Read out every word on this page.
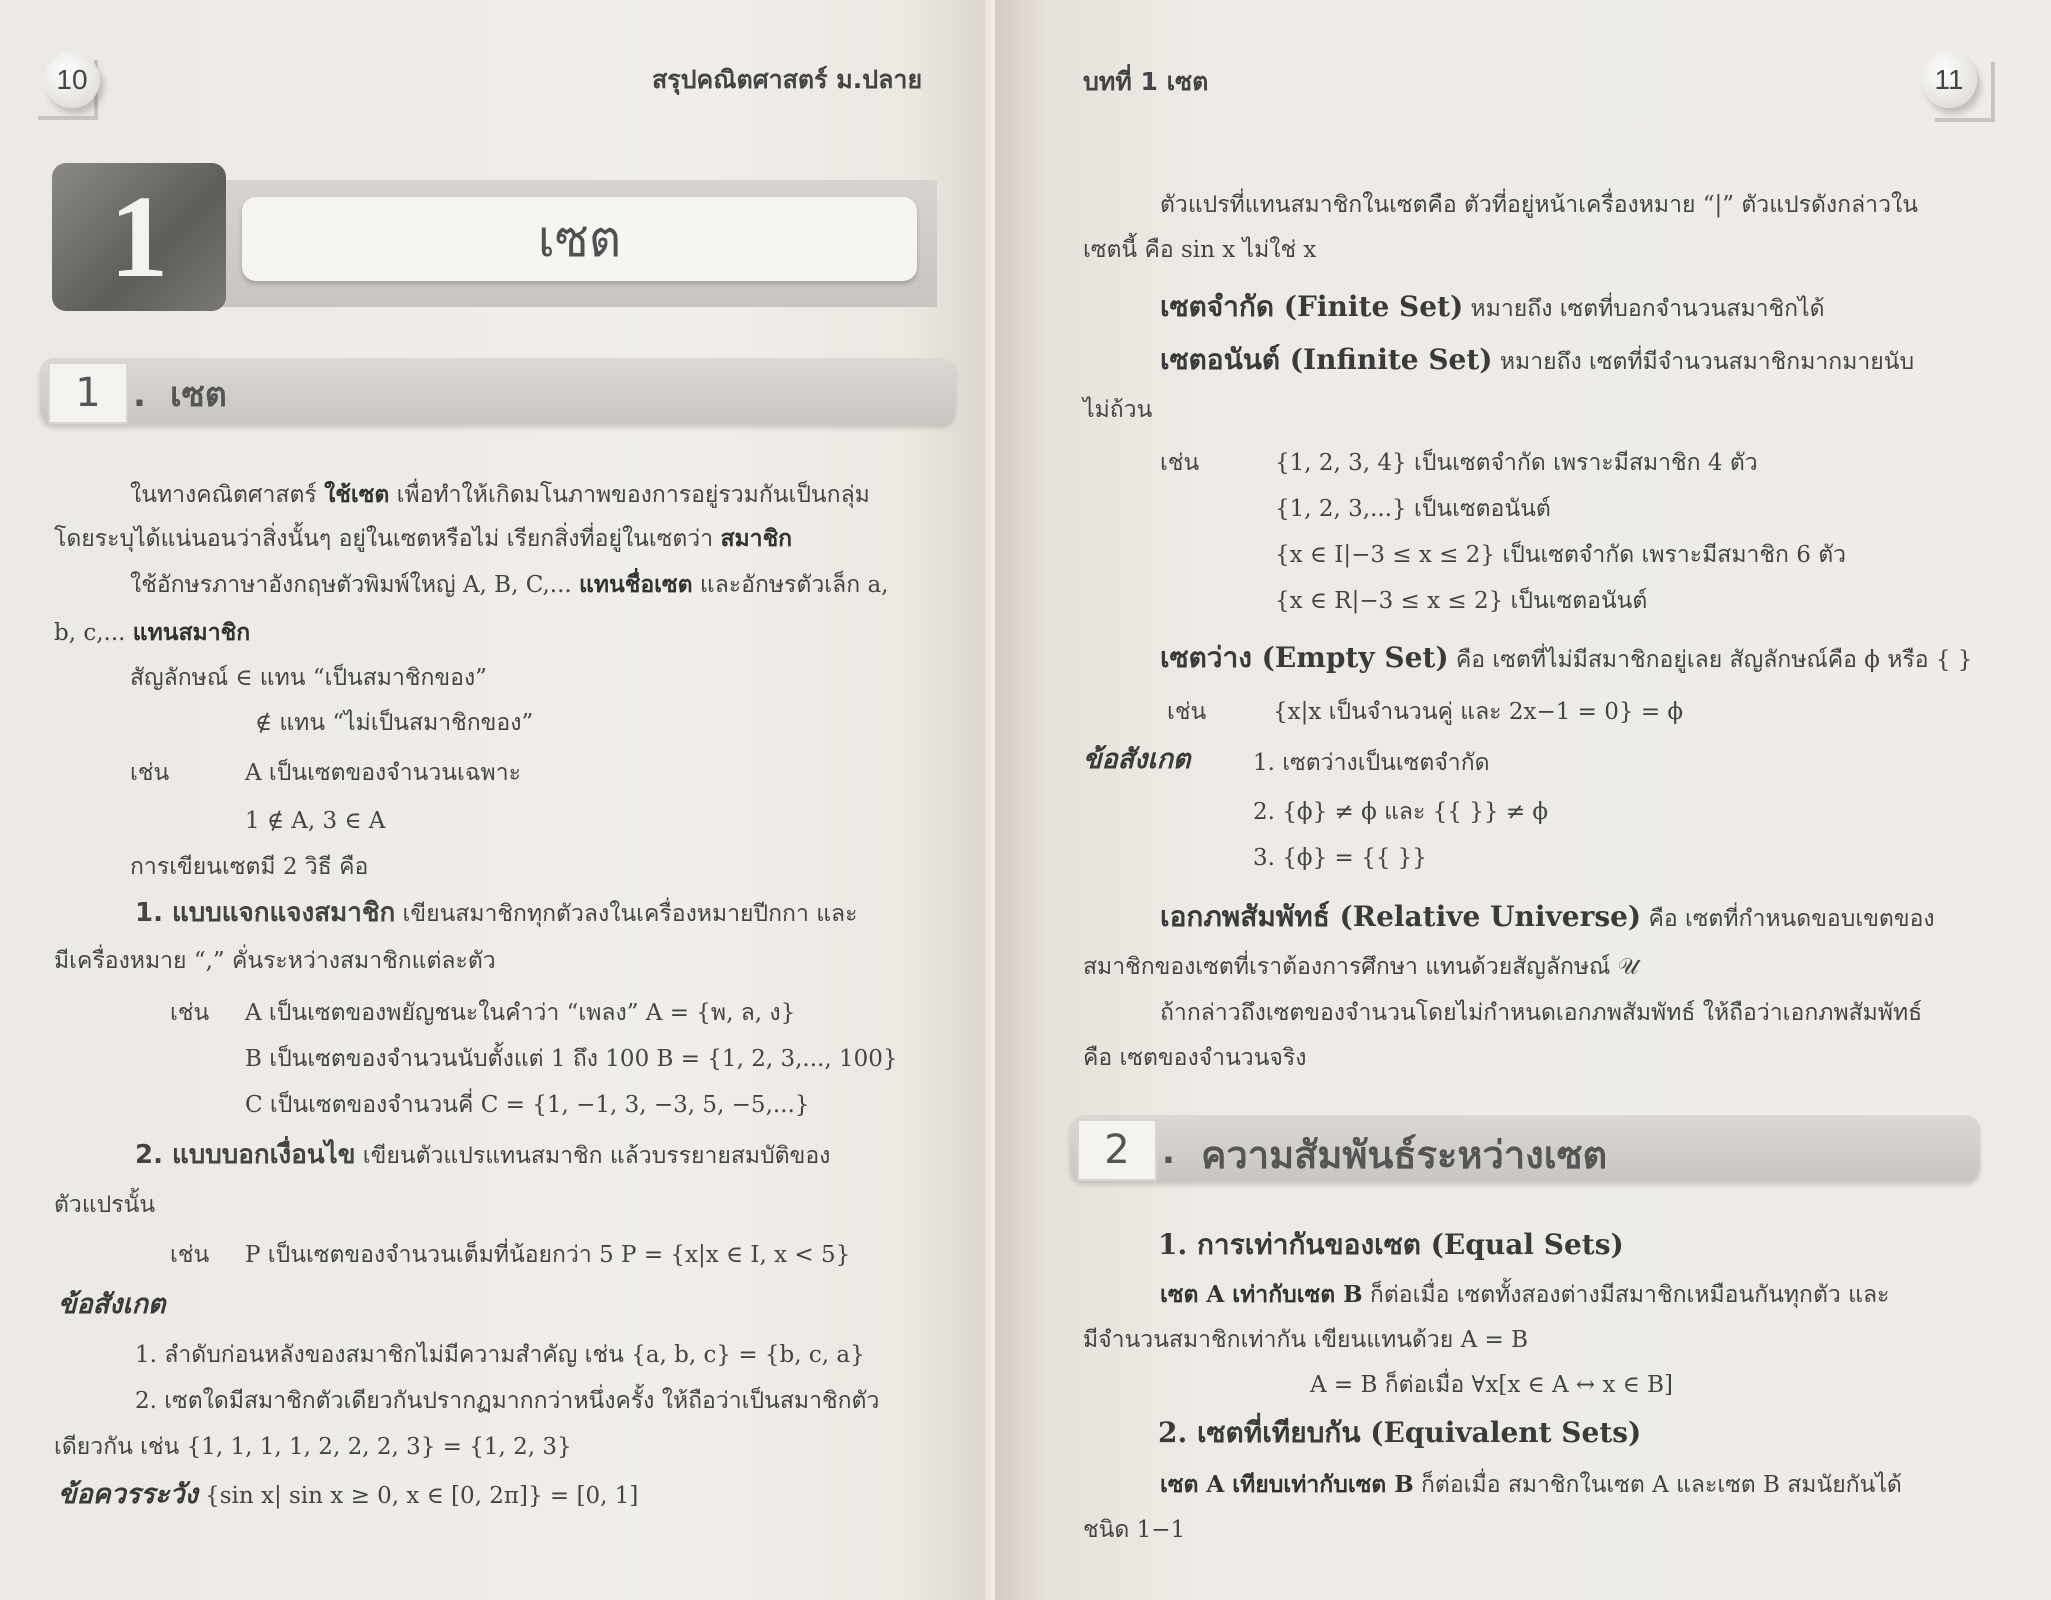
10	สรุปคณิตศาสตร์ ม.ปลาย
1	เซต
1 . เซต
ในทางคณิตศาสตร์ ใช้เซต เพื่อทำให้เกิดมโนภาพของการอยู่รวมกันเป็นกลุ่ม
โดยระบุได้แน่นอนว่าสิ่งนั้นๆ อยู่ในเซตหรือไม่ เรียกสิ่งที่อยู่ในเซตว่า สมาชิก
ใช้อักษรภาษาอังกฤษตัวพิมพ์ใหญ่ A, B, C,... แทนชื่อเซต และอักษรตัวเล็ก a,
b, c,... แทนสมาชิก
สัญลักษณ์ ∈ แทน “เป็นสมาชิกของ”
∉ แทน “ไม่เป็นสมาชิกของ”
เช่น	A เป็นเซตของจำนวนเฉพาะ
1 ∉ A, 3 ∈ A
การเขียนเซตมี 2 วิธี คือ
1. แบบแจกแจงสมาชิก เขียนสมาชิกทุกตัวลงในเครื่องหมายปีกกา และ
มีเครื่องหมาย “,” คั่นระหว่างสมาชิกแต่ละตัว
เช่น A เป็นเซตของพยัญชนะในคำว่า “เพลง” A = {พ, ล, ง}
B เป็นเซตของจำนวนนับตั้งแต่ 1 ถึง 100 B = {1, 2, 3,..., 100}
C เป็นเซตของจำนวนคี่ C = {1, −1, 3, −3, 5, −5,...}
2. แบบบอกเงื่อนไข เขียนตัวแปรแทนสมาชิก แล้วบรรยายสมบัติของ
ตัวแปรนั้น
เช่น P เป็นเซตของจำนวนเต็มที่น้อยกว่า 5 P = {x|x ∈ I, x < 5}
ข้อสังเกต
1. ลำดับก่อนหลังของสมาชิกไม่มีความสำคัญ เช่น {a, b, c} = {b, c, a}
2. เซตใดมีสมาชิกตัวเดียวกันปรากฏมากกว่าหนึ่งครั้ง ให้ถือว่าเป็นสมาชิกตัว
เดียวกัน เช่น {1, 1, 1, 1, 2, 2, 2, 3} = {1, 2, 3}
ข้อควรระวัง {sin x| sin x ≥ 0, x ∈ [0, 2π]} = [0, 1]
บทที่ 1 เซต	11
ตัวแปรที่แทนสมาชิกในเซตคือ ตัวที่อยู่หน้าเครื่องหมาย “|” ตัวแปรดังกล่าวใน
เซตนี้ คือ sin x ไม่ใช่ x
เซตจำกัด (Finite Set) หมายถึง เซตที่บอกจำนวนสมาชิกได้
เซตอนันต์ (Infinite Set) หมายถึง เซตที่มีจำนวนสมาชิกมากมายนับ
ไม่ถ้วน
เช่น	{1, 2, 3, 4} เป็นเซตจำกัด เพราะมีสมาชิก 4 ตัว
{1, 2, 3,...} เป็นเซตอนันต์
{x ∈ I|−3 ≤ x ≤ 2} เป็นเซตจำกัด เพราะมีสมาชิก 6 ตัว
{x ∈ R|−3 ≤ x ≤ 2} เป็นเซตอนันต์
เซตว่าง (Empty Set) คือ เซตที่ไม่มีสมาชิกอยู่เลย สัญลักษณ์คือ ϕ หรือ { }
เช่น	{x|x เป็นจำนวนคู่ และ 2x−1 = 0} = ϕ
ข้อสังเกต	1. เซตว่างเป็นเซตจำกัด
2. {ϕ} ≠ ϕ และ {{ }} ≠ ϕ
3. {ϕ} = {{ }}
เอกภพสัมพัทธ์ (Relative Universe) คือ เซตที่กำหนดขอบเขตของ
สมาชิกของเซตที่เราต้องการศึกษา แทนด้วยสัญลักษณ์ 𝒰
ถ้ากล่าวถึงเซตของจำนวนโดยไม่กำหนดเอกภพสัมพัทธ์ ให้ถือว่าเอกภพสัมพัทธ์
คือ เซตของจำนวนจริง
2 . ความสัมพันธ์ระหว่างเซต
1. การเท่ากันของเซต (Equal Sets)
เซต A เท่ากับเซต B ก็ต่อเมื่อ เซตทั้งสองต่างมีสมาชิกเหมือนกันทุกตัว และ
มีจำนวนสมาชิกเท่ากัน เขียนแทนด้วย A = B
A = B ก็ต่อเมื่อ ∀x[x ∈ A ↔ x ∈ B]
2. เซตที่เทียบกัน (Equivalent Sets)
เซต A เทียบเท่ากับเซต B ก็ต่อเมื่อ สมาชิกในเซต A และเซต B สมนัยกันได้
ชนิด 1−1
